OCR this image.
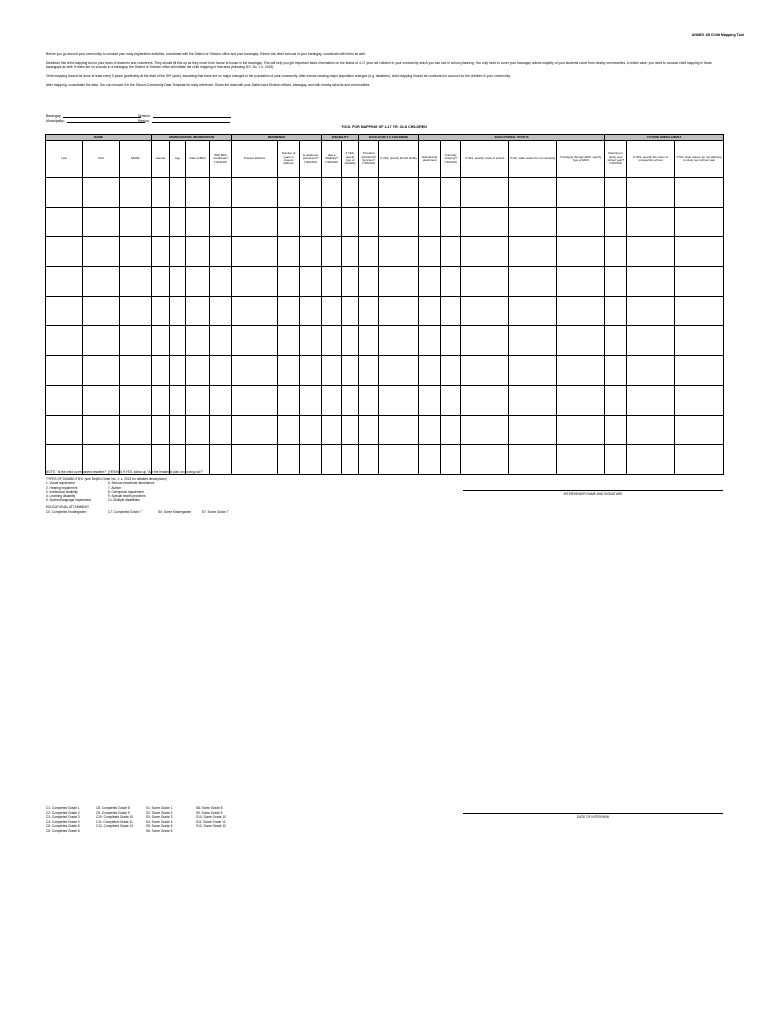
ANNEX 1B Child Mapping Tool

Before you go around your community to conduct your early registration activities, coordinate with the District or Division office and your barangay. If there are other schools in your barangay, coordinate with them as well.

Distribute this child mapping tool to your team of teachers and volunteers. They should fill this up as they move from house to house in the barangay. This will help you get important basic information on the status of 4-17 year old children in your community which you can use in school planning. You only need to cover your barangay unless majority of your students come from nearby communities, in which case, you need to conduct child mapping in those barangays as well. If there are no schools in a barangay, the District or Division office will initiate the child mapping in that area (following DO. No. 1 s. 2015).

Child mapping should be done at least every 5 years (preferably at the start of the SIP cycle), assuming that there are no major changes in the population of your community. After events causing major population changes (e.g. disasters), child mapping should be conducted to account for the children in your community.

After mapping, consolidate the data. You can encode it in the School-Community Data Template for easy reference. Share the data with your District and Division offices, barangay, and with nearby schools and communities.

Barangay:
Municipality:
Division:
Region:
TOOL FOR MAPPING OF 4-17 YR. OLD CHILDREN
NAME			DEMOGRAPHIC INFORMATION				RESIDENCE			DISABILITY		ECCD (FOR 4-5 CHILDREN)		EDUCATIONAL STATUS					FUTURE ENROLLMENT		
Last	First	Middle	Gender	Age	Date of Birth	With Birth Certificate? (YES/NO)	Present address	Number of years in present address	Is residence permanent? (YES/NO)	Has a disability? (YES/NO)	If YES, specify type of disability	Provided with ECCD Services? (YES/NO)	If YES, specify ECCD facility	Educational attainment	Currently studying? (YES/NO)	If YES, specify name of school	If NO, state reason for not studying	If studying through ADM, specify type of ADM	Planning to study next school year? (YES/NO)	If YES, specify the name of prospective school	If NO, state reason for not planning to study next school year

NOTE: "Is the child a permanent resident?" (YES/NO) If YES, follow up "Are the residents plan on moving out?"
TYPES OF DISABILITIES: (see DepEd Order No. 1, s. 2015 for detailed descriptions)
1. Visual impairment
2. Hearing impairment
3. Intellectual disability
4. Learning disability
5. Speech/language impairment
6. Serious emotional disturbance
7. Autism
8. Orthopedic impairment
9. Special health problems
10. Multiple disabilities
EDUCATIONAL ATTAINMENT:
C0: Completed Kindergarten	C7: Completed Grade 7	S0: Some Kindergarten	S7: Some Grade 7
INTERVIEWER NAME AND SIGNATURE
DATE OF INTERVIEW
C1: Completed Grade 1
C2: Completed Grade 2
C3: Completed Grade 3
C4: Completed Grade 4
C5: Completed Grade 5
C6: Completed Grade 6
C8: Completed Grade 8
C9: Completed Grade 9
C10: Completed Grade 10
C11: Completed Grade 11
C12: Completed Grade 12
S1: Some Grade 1
S2: Some Grade 2
S3: Some Grade 3
S4: Some Grade 4
S5: Some Grade 5
S6: Some Grade 6
S8: Some Grade 8
S9: Some Grade 9
S10: Some Grade 10
S11: Some Grade 11
S12: Some Grade 12
